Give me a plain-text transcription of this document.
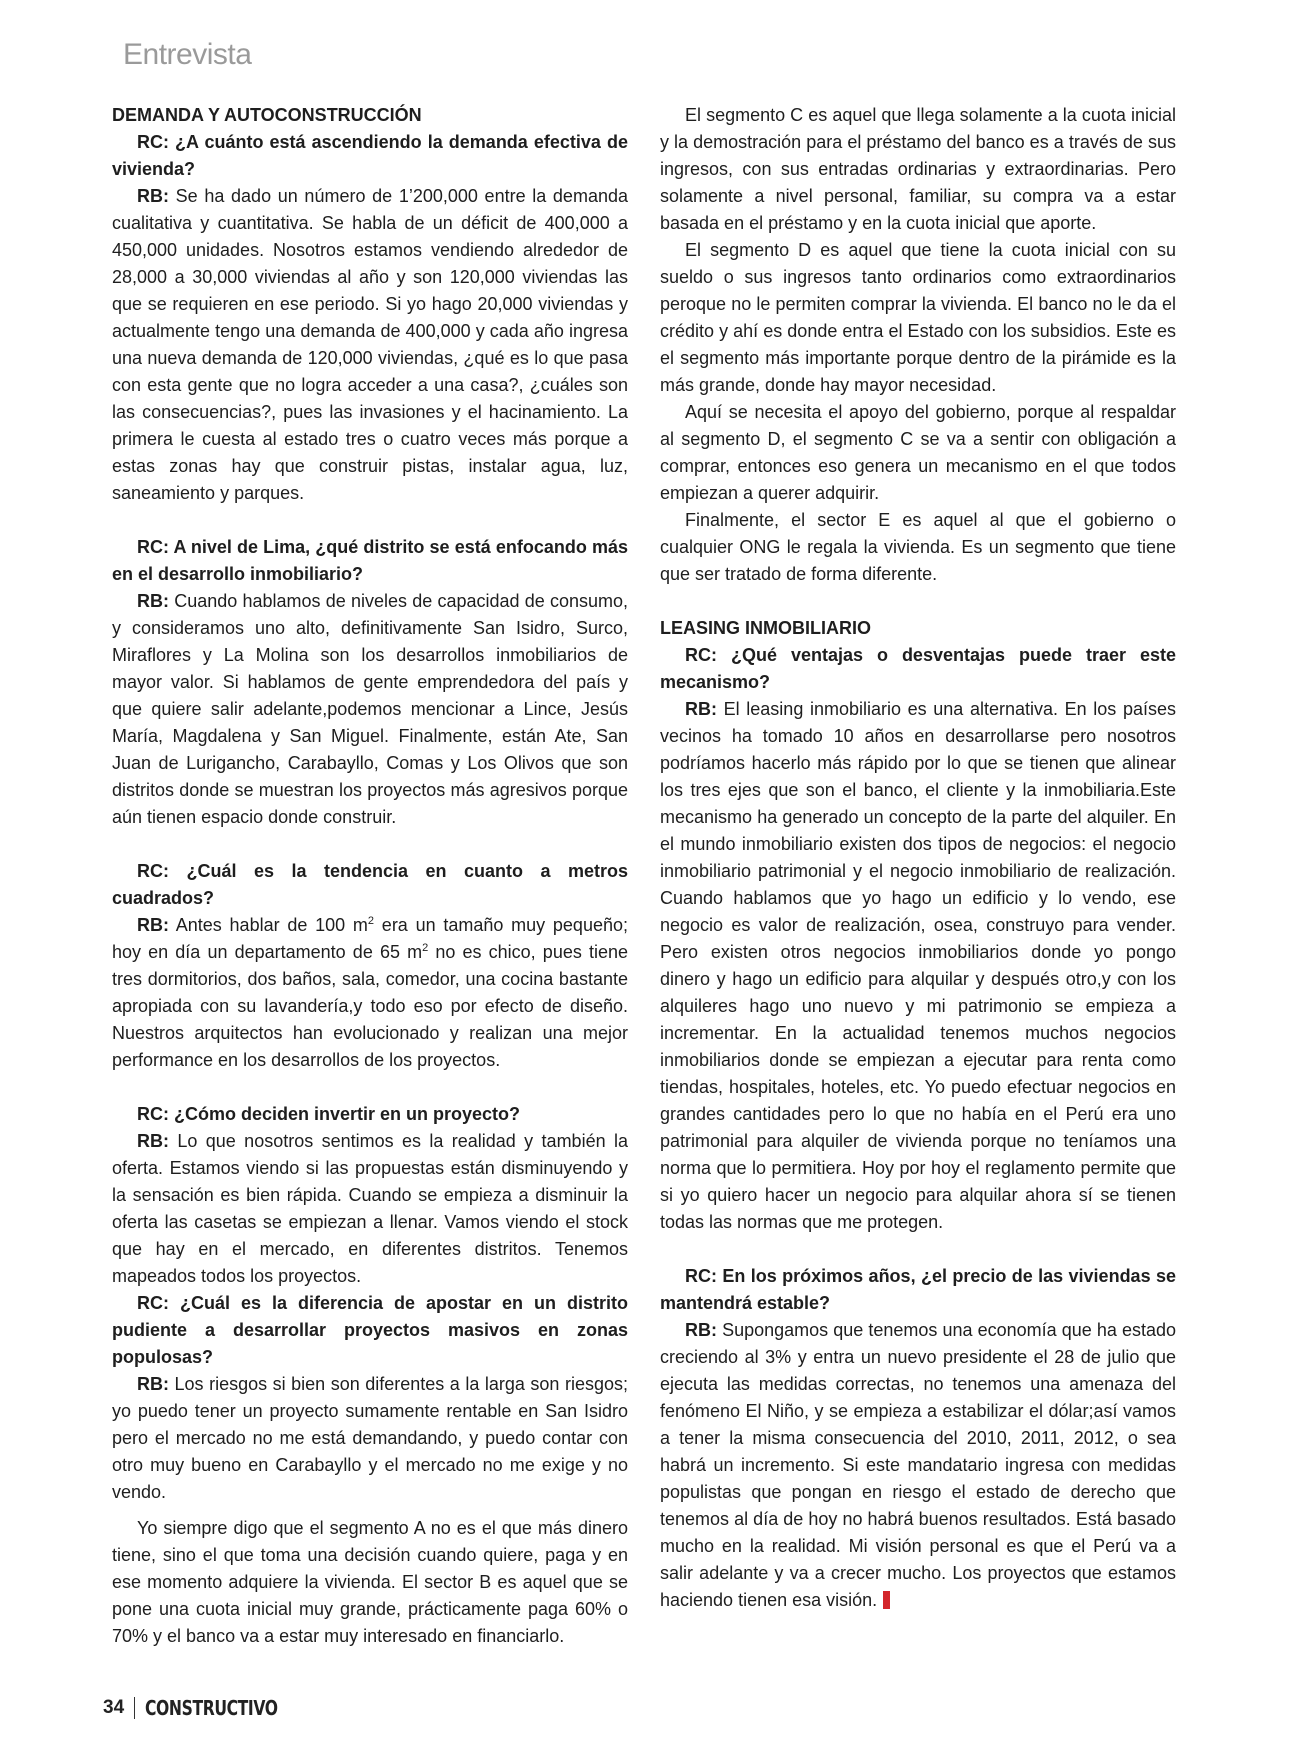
Entrevista

DEMANDA Y AUTOCONSTRUCCIÓN

RC: ¿A cuánto está ascendiendo la demanda efectiva de vivienda?

RB: Se ha dado un número de 1’200,000 entre la demanda cualitativa y cuantitativa. Se habla de un déficit de 400,000 a 450,000 unidades. Nosotros estamos vendiendo alrededor de 28,000 a 30,000 viviendas al año y son 120,000 viviendas las que se requieren en ese periodo. Si yo hago 20,000 viviendas y actualmente tengo una demanda de 400,000 y cada año ingresa una nueva demanda de 120,000 viviendas, ¿qué es lo que pasa con esta gente que no logra acceder a una casa?, ¿cuáles son las consecuencias?, pues las invasiones y el hacinamiento. La primera le cuesta al estado tres o cuatro veces más porque a estas zonas hay que construir pistas, instalar agua, luz, saneamiento y parques.

RC: A nivel de Lima, ¿qué distrito se está enfocando más en el desarrollo inmobiliario?

RB: Cuando hablamos de niveles de capacidad de consumo, y consideramos uno alto, definitivamente San Isidro, Surco, Miraflores y La Molina son los desarrollos inmobiliarios de mayor valor. Si hablamos de gente emprendedora del país y que quiere salir adelante,podemos mencionar a Lince, Jesús María, Magdalena y San Miguel. Finalmente, están Ate, San Juan de Lurigancho, Carabayllo, Comas y Los Olivos que son distritos donde se muestran los proyectos más agresivos porque aún tienen espacio donde construir.

RC: ¿Cuál es la tendencia en cuanto a metros cuadrados?

RB: Antes hablar de 100 $m^2$ era un tamaño muy pequeño; hoy en día un departamento de 65 $m^2$ no es chico, pues tiene tres dormitorios, dos baños, sala, comedor, una cocina bastante apropiada con su lavandería,y todo eso por efecto de diseño. Nuestros arquitectos han evolucionado y realizan una mejor performance en los desarrollos de los proyectos.

RC: ¿Cómo deciden invertir en un proyecto?

RB: Lo que nosotros sentimos es la realidad y también la oferta. Estamos viendo si las propuestas están disminuyendo y la sensación es bien rápida. Cuando se empieza a disminuir la oferta las casetas se empiezan a llenar. Vamos viendo el stock que hay en el mercado, en diferentes distritos. Tenemos mapeados todos los proyectos.

RC: ¿Cuál es la diferencia de apostar en un distrito pudiente a desarrollar proyectos masivos en zonas populosas?

RB: Los riesgos si bien son diferentes a la larga son riesgos; yo puedo tener un proyecto sumamente rentable en San Isidro pero el mercado no me está demandando, y puedo contar con otro muy bueno en Carabayllo y el mercado no me exige y no vendo.

Yo siempre digo que el segmento A no es el que más dinero tiene, sino el que toma una decisión cuando quiere, paga y en ese momento adquiere la vivienda. El sector B es aquel que se pone una cuota inicial muy grande, prácticamente paga 60% o 70% y el banco va a estar muy interesado en financiarlo.

El segmento C es aquel que llega solamente a la cuota inicial y la demostración para el préstamo del banco es a través de sus ingresos, con sus entradas ordinarias y extraordinarias. Pero solamente a nivel personal, familiar, su compra va a estar basada en el préstamo y en la cuota inicial que aporte.

El segmento D es aquel que tiene la cuota inicial con su sueldo o sus ingresos tanto ordinarios como extraordinarios peroque no le permiten comprar la vivienda. El banco no le da el crédito y ahí es donde entra el Estado con los subsidios. Este es el segmento más importante porque dentro de la pirámide es la más grande, donde hay mayor necesidad.

Aquí se necesita el apoyo del gobierno, porque al respaldar al segmento D, el segmento C se va a sentir con obligación a comprar, entonces eso genera un mecanismo en el que todos empiezan a querer adquirir.

Finalmente, el sector E es aquel al que el gobierno o cualquier ONG le regala la vivienda. Es un segmento que tiene que ser tratado de forma diferente.

LEASING INMOBILIARIO

RC: ¿Qué ventajas o desventajas puede traer este mecanismo?

RB: El leasing inmobiliario es una alternativa. En los países vecinos ha tomado 10 años en desarrollarse pero nosotros podríamos hacerlo más rápido por lo que se tienen que alinear los tres ejes que son el banco, el cliente y la inmobiliaria.Este mecanismo ha generado un concepto de la parte del alquiler. En el mundo inmobiliario existen dos tipos de negocios: el negocio inmobiliario patrimonial y el negocio inmobiliario de realización. Cuando hablamos que yo hago un edificio y lo vendo, ese negocio es valor de realización, osea, construyo para vender. Pero existen otros negocios inmobiliarios donde yo pongo dinero y hago un edificio para alquilar y después otro,y con los alquileres hago uno nuevo y mi patrimonio se empieza a incrementar. En la actualidad tenemos muchos negocios inmobiliarios donde se empiezan a ejecutar para renta como tiendas, hospitales, hoteles, etc. Yo puedo efectuar negocios en grandes cantidades pero lo que no había en el Perú era uno patrimonial para alquiler de vivienda porque no teníamos una norma que lo permitiera. Hoy por hoy el reglamento permite que si yo quiero hacer un negocio para alquilar ahora sí se tienen todas las normas que me protegen.

RC: En los próximos años, ¿el precio de las viviendas se mantendrá estable?

RB: Supongamos que tenemos una economía que ha estado creciendo al 3% y entra un nuevo presidente el 28 de julio que ejecuta las medidas correctas, no tenemos una amenaza del fenómeno El Niño, y se empieza a estabilizar el dólar;así vamos a tener la misma consecuencia del 2010, 2011, 2012, o sea habrá un incremento. Si este mandatario ingresa con medidas populistas que pongan en riesgo el estado de derecho que tenemos al día de hoy no habrá buenos resultados. Está basado mucho en la realidad. Mi visión personal es que el Perú va a salir adelante y va a crecer mucho. Los proyectos que estamos haciendo tienen esa visión.

34 CONSTRUCTIVO
